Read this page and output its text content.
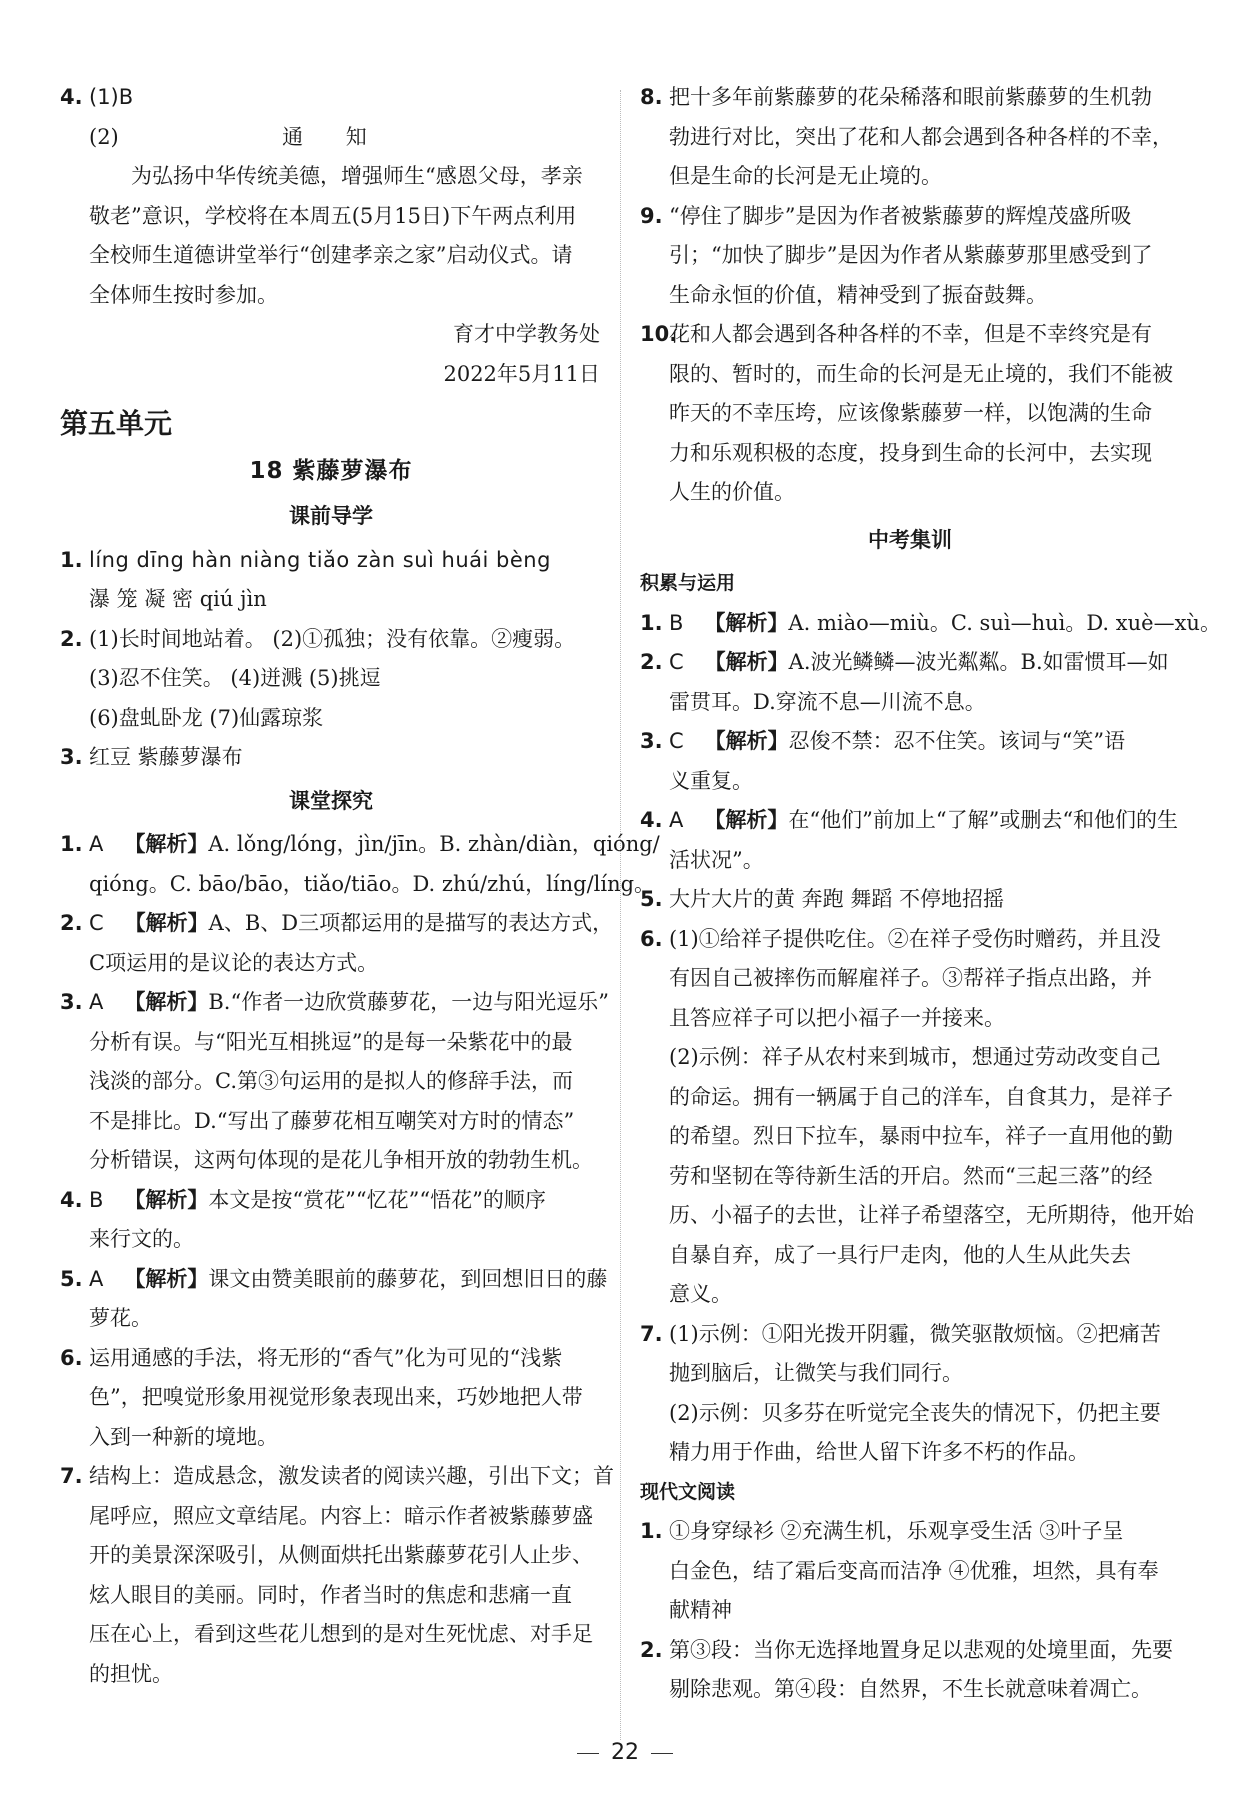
4. (1)B
(2)	通 知
为弘扬中华传统美德，增强师生“感恩父母，孝亲
敬老”意识，学校将在本周五(5月15日)下午两点利用
全校师生道德讲堂举行“创建孝亲之家”启动仪式。请
全体师生按时参加。
育才中学教务处
2022年5月11日
第五单元
18 紫藤萝瀑布
课前导学
1. líng dīng hàn niàng tiǎo zàn suì huái bèng
瀑 笼 凝 密 qiú jìn
2. (1)长时间地站着。 (2)①孤独；没有依靠。②瘦弱。
(3)忍不住笑。 (4)迸溅 (5)挑逗
(6)盘虬卧龙 (7)仙露琼浆
3. 红豆 紫藤萝瀑布
课堂探究
1. A  【解析】A. lǒng/lóng，jìn/jīn。B. zhàn/diàn，qióng/
qióng。C. bāo/bāo，tiǎo/tiāo。D. zhú/zhú，líng/líng。
2. C  【解析】A、B、D三项都运用的是描写的表达方式，
C项运用的是议论的表达方式。
3. A  【解析】B.“作者一边欣赏藤萝花，一边与阳光逗乐”
分析有误。与“阳光互相挑逗”的是每一朵紫花中的最
浅淡的部分。C.第③句运用的是拟人的修辞手法，而
不是排比。D.“写出了藤萝花相互嘲笑对方时的情态”
分析错误，这两句体现的是花儿争相开放的勃勃生机。
4. B  【解析】本文是按“赏花”“忆花”“悟花”的顺序
来行文的。
5. A  【解析】课文由赞美眼前的藤萝花，到回想旧日的藤
萝花。
6. 运用通感的手法，将无形的“香气”化为可见的“浅紫
色”，把嗅觉形象用视觉形象表现出来，巧妙地把人带
入到一种新的境地。
7. 结构上：造成悬念，激发读者的阅读兴趣，引出下文；首
尾呼应，照应文章结尾。内容上：暗示作者被紫藤萝盛
开的美景深深吸引，从侧面烘托出紫藤萝花引人止步、
炫人眼目的美丽。同时，作者当时的焦虑和悲痛一直
压在心上，看到这些花儿想到的是对生死忧虑、对手足
的担忧。
8. 把十多年前紫藤萝的花朵稀落和眼前紫藤萝的生机勃
勃进行对比，突出了花和人都会遇到各种各样的不幸，
但是生命的长河是无止境的。
9. “停住了脚步”是因为作者被紫藤萝的辉煌茂盛所吸
引；“加快了脚步”是因为作者从紫藤萝那里感受到了
生命永恒的价值，精神受到了振奋鼓舞。
10.
花和人都会遇到各种各样的不幸，但是不幸终究是有
限的、暂时的，而生命的长河是无止境的，我们不能被
昨天的不幸压垮，应该像紫藤萝一样，以饱满的生命
力和乐观积极的态度，投身到生命的长河中，去实现
人生的价值。
中考集训
积累与运用
1. B  【解析】A. miào—miù。C. suì—huì。D. xuè—xù。
2. C  【解析】A.波光鳞鳞—波光粼粼。B.如雷惯耳—如
雷贯耳。D.穿流不息—川流不息。
3. C  【解析】忍俊不禁：忍不住笑。该词与“笑”语
义重复。
4. A  【解析】在“他们”前加上“了解”或删去“和他们的生
活状况”。
5. 大片大片的黄 奔跑 舞蹈 不停地招摇
6. (1)①给祥子提供吃住。②在祥子受伤时赠药，并且没
有因自己被摔伤而解雇祥子。③帮祥子指点出路，并
且答应祥子可以把小福子一并接来。
(2)示例：祥子从农村来到城市，想通过劳动改变自己
的命运。拥有一辆属于自己的洋车，自食其力，是祥子
的希望。烈日下拉车，暴雨中拉车，祥子一直用他的勤
劳和坚韧在等待新生活的开启。然而“三起三落”的经
历、小福子的去世，让祥子希望落空，无所期待，他开始
自暴自弃，成了一具行尸走肉，他的人生从此失去
意义。
7. (1)示例：①阳光拨开阴霾，微笑驱散烦恼。②把痛苦
抛到脑后，让微笑与我们同行。
(2)示例：贝多芬在听觉完全丧失的情况下，仍把主要
精力用于作曲，给世人留下许多不朽的作品。
现代文阅读
1. ①身穿绿衫 ②充满生机，乐观享受生活 ③叶子呈
白金色，结了霜后变高而洁净 ④优雅，坦然，具有奉
献精神
2. 第③段：当你无选择地置身足以悲观的处境里面，先要
剔除悲观。第④段：自然界，不生长就意味着凋亡。
22
